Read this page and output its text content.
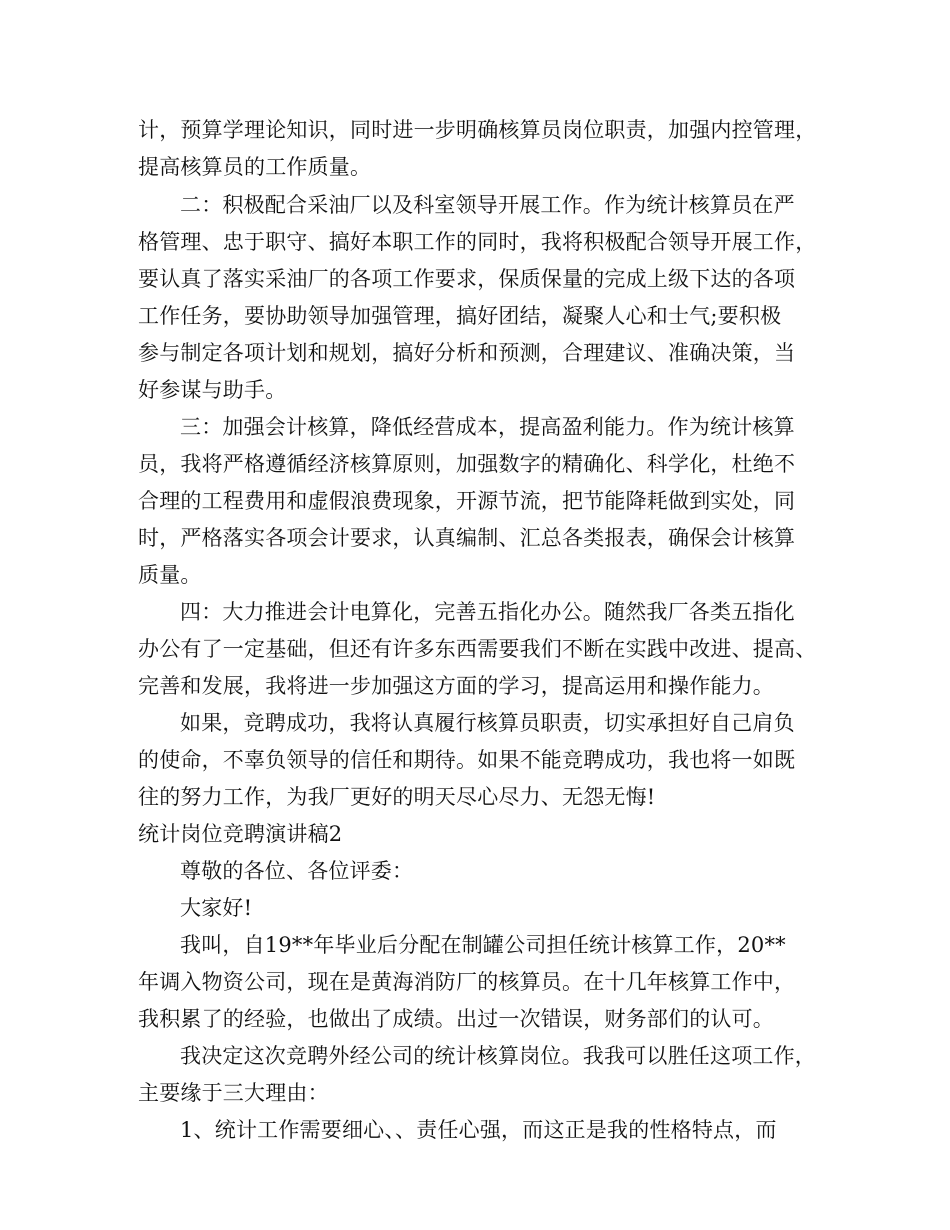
计，预算学理论知识，同时进一步明确核算员岗位职责，加强内控管理，
提高核算员的工作质量。
二：积极配合采油厂以及科室领导开展工作。作为统计核算员在严
格管理、忠于职守、搞好本职工作的同时，我将积极配合领导开展工作，
要认真了落实采油厂的各项工作要求，保质保量的完成上级下达的各项
工作任务，要协助领导加强管理，搞好团结，凝聚人心和士气;要积极
参与制定各项计划和规划，搞好分析和预测，合理建议、准确决策，当
好参谋与助手。
三：加强会计核算，降低经营成本，提高盈利能力。作为统计核算
员，我将严格遵循经济核算原则，加强数字的精确化、科学化，杜绝不
合理的工程费用和虚假浪费现象，开源节流，把节能降耗做到实处，同
时，严格落实各项会计要求，认真编制、汇总各类报表，确保会计核算
质量。
四：大力推进会计电算化，完善五指化办公。随然我厂各类五指化
办公有了一定基础，但还有许多东西需要我们不断在实践中改进、提高、
完善和发展，我将进一步加强这方面的学习，提高运用和操作能力。
如果，竞聘成功，我将认真履行核算员职责，切实承担好自己肩负
的使命，不辜负领导的信任和期待。如果不能竞聘成功，我也将一如既
往的努力工作，为我厂更好的明天尽心尽力、无怨无悔!
统计岗位竞聘演讲稿2
尊敬的各位、各位评委：
大家好!
我叫，自19**年毕业后分配在制罐公司担任统计核算工作，20**
年调入物资公司，现在是黄海消防厂的核算员。在十几年核算工作中，
我积累了的经验，也做出了成绩。出过一次错误，财务部们的认可。
我决定这次竞聘外经公司的统计核算岗位。我我可以胜任这项工作，
主要缘于三大理由：
1、统计工作需要细心、、责任心强，而这正是我的性格特点，而
